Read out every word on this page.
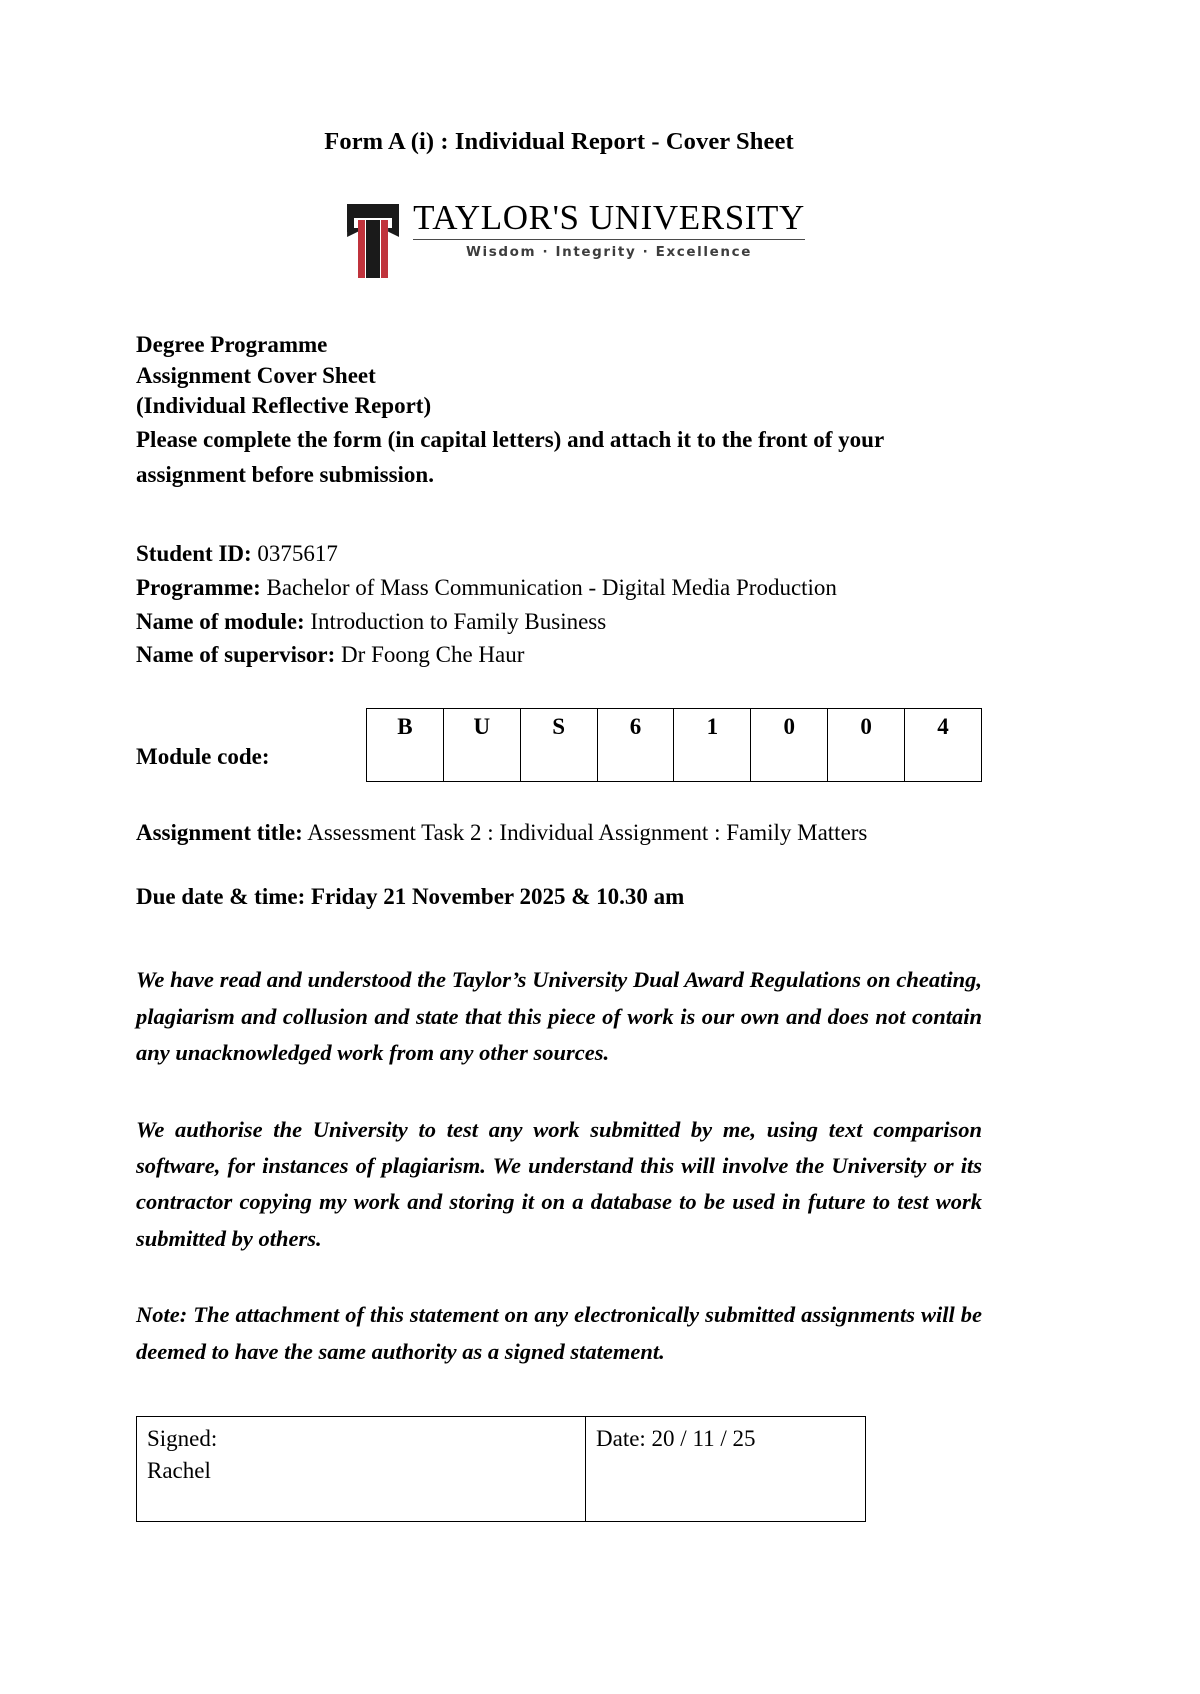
Form A (i) : Individual Report - Cover Sheet
TAYLOR'S UNIVERSITY
Wisdom · Integrity · Excellence
Degree Programme
Assignment Cover Sheet
(Individual Reflective Report)
Please complete the form (in capital letters) and attach it to the front of your assignment before submission.
Student ID: 0375617
Programme: Bachelor of Mass Communication - Digital Media Production
Name of module: Introduction to Family Business
Name of supervisor: Dr Foong Che Haur
Module code:
B	U	S	6	1	0	0	4
Assignment title: Assessment Task 2 : Individual Assignment : Family Matters
Due date & time: Friday 21 November 2025 & 10.30 am
We have read and understood the Taylor’s University Dual Award Regulations on cheating, plagiarism and collusion and state that this piece of work is our own and does not contain any unacknowledged work from any other sources.
We authorise the University to test any work submitted by me, using text comparison software, for instances of plagiarism. We understand this will involve the University or its contractor copying my work and storing it on a database to be used in future to test work submitted by others.
Note: The attachment of this statement on any electronically submitted assignments will be deemed to have the same authority as a signed statement.
Signed:
Rachel
	Date: 20 / 11 / 25
